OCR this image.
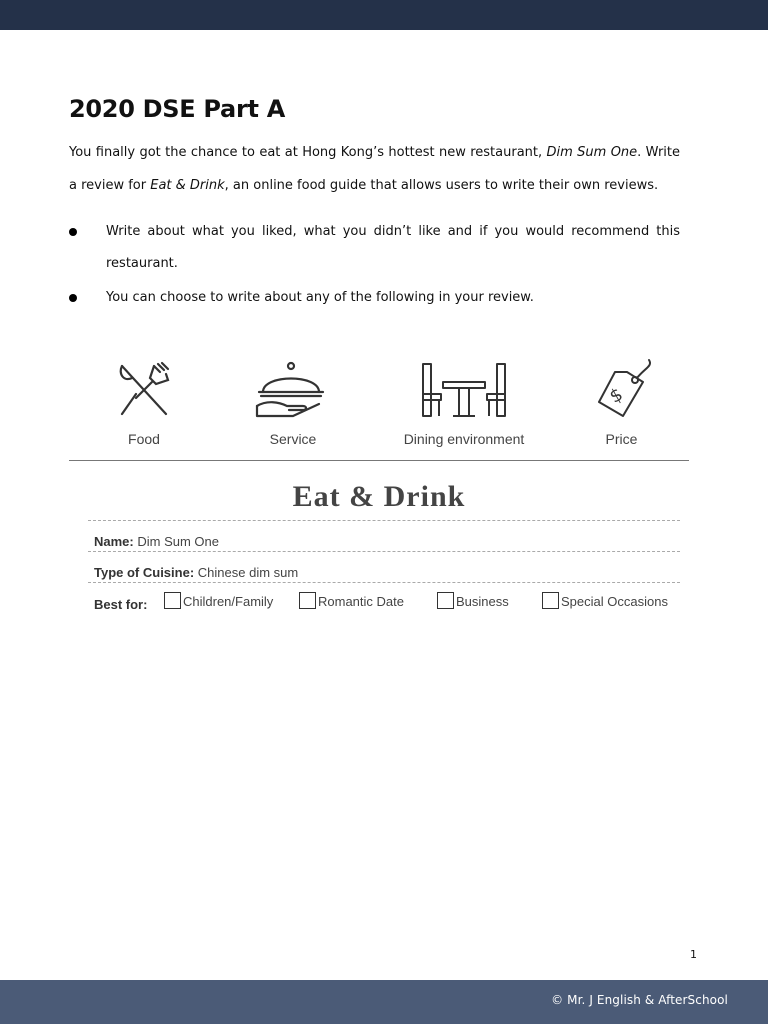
2020 DSE Part A
You finally got the chance to eat at Hong Kong’s hottest new restaurant, Dim Sum One. Write a review for Eat & Drink, an online food guide that allows users to write their own reviews.
Write about what you liked, what you didn’t like and if you would recommend this restaurant.
You can choose to write about any of the following in your review.
Food	Service	Dining environment
$
Price
Eat & Drink
Name: Dim Sum One
Type of Cuisine: Chinese dim sum
Best for:	Children/Family	Romantic Date	Business	Special Occasions
1
© Mr. J English & AfterSchool
